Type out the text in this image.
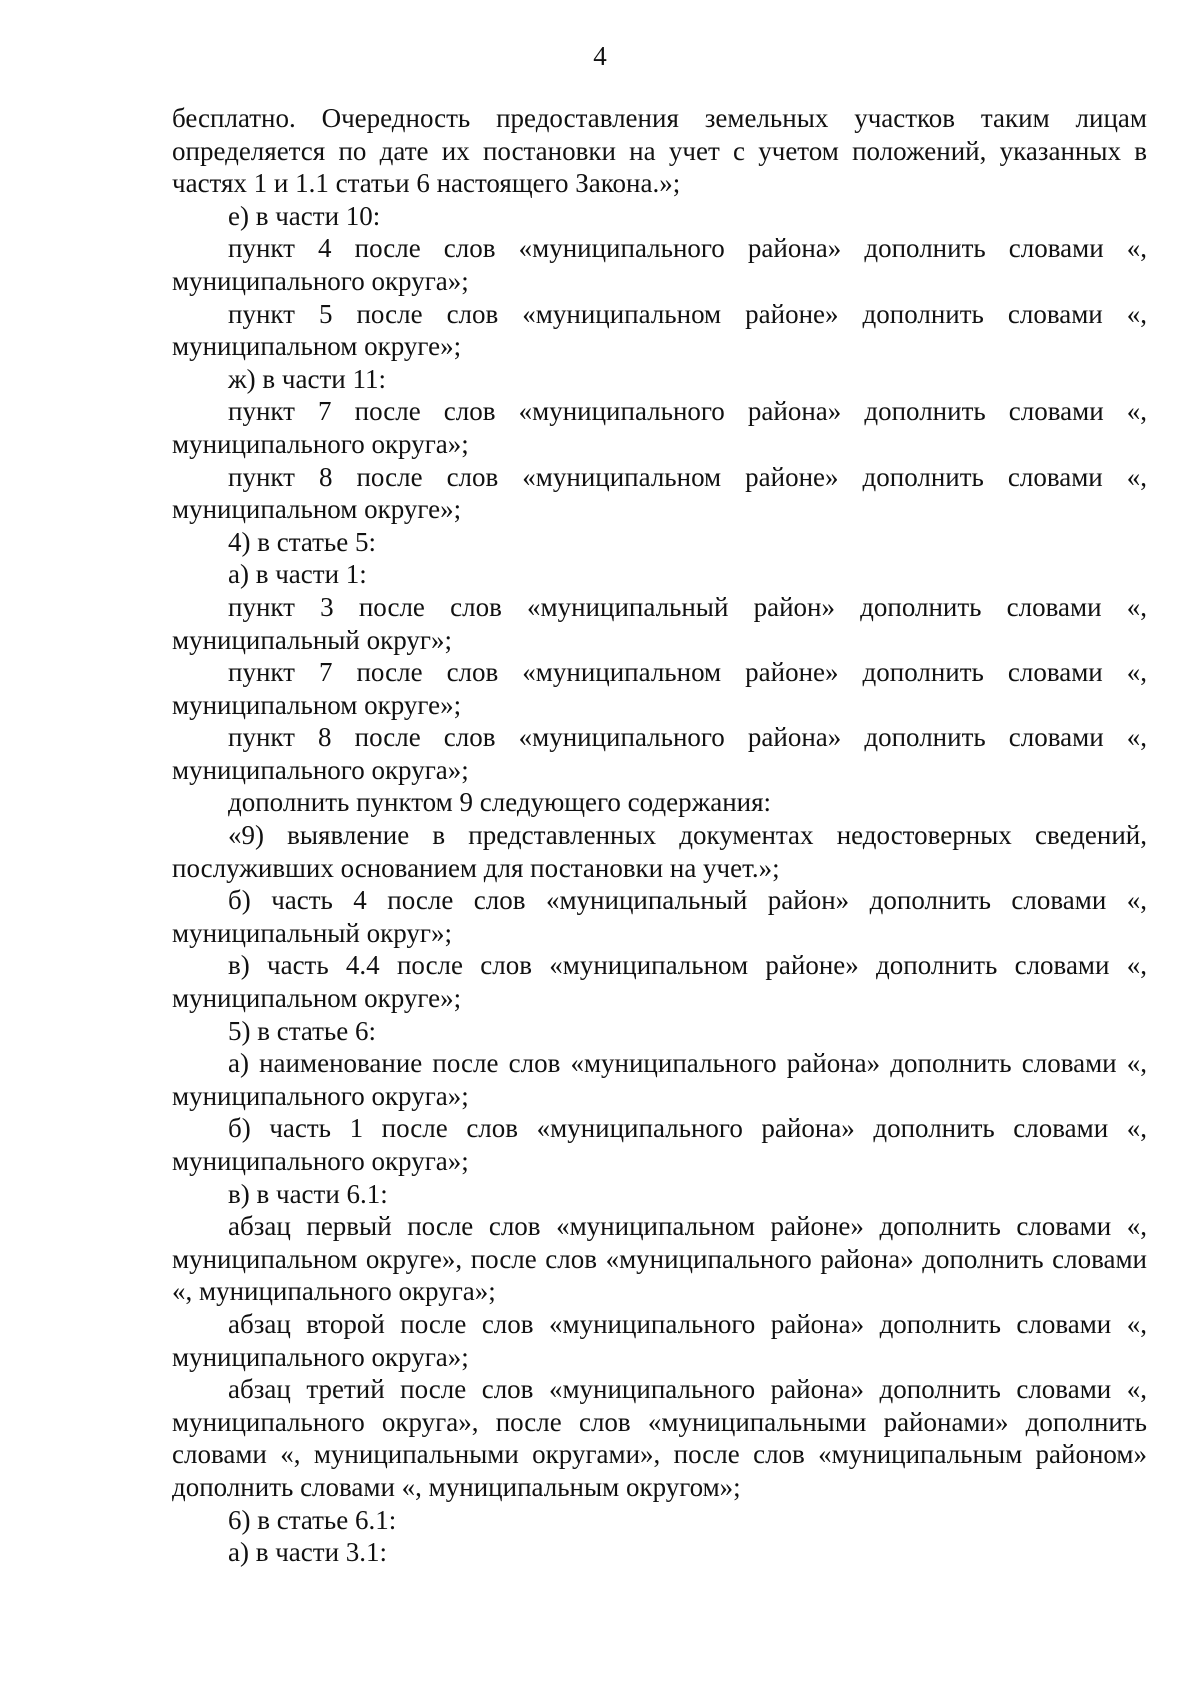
4

бесплатно. Очередность предоставления земельных участков таким лицам определяется по дате их постановки на учет с учетом положений, указанных в частях 1 и 1.1 статьи 6 настоящего Закона.»;

е) в части 10:

пункт 4 после слов «муниципального района» дополнить словами «, муниципального округа»;

пункт 5 после слов «муниципальном районе» дополнить словами «, муниципальном округе»;

ж) в части 11:

пункт 7 после слов «муниципального района» дополнить словами «, муниципального округа»;

пункт 8 после слов «муниципальном районе» дополнить словами «, муниципальном округе»;

4) в статье 5:

а) в части 1:

пункт 3 после слов «муниципальный район» дополнить словами «, муниципальный округ»;

пункт 7 после слов «муниципальном районе» дополнить словами «, муниципальном округе»;

пункт 8 после слов «муниципального района» дополнить словами «, муниципального округа»;

дополнить пунктом 9 следующего содержания:

«9) выявление в представленных документах недостоверных сведений, послуживших основанием для постановки на учет.»;

б) часть 4 после слов «муниципальный район» дополнить словами «, муниципальный округ»;

в) часть 4.4 после слов «муниципальном районе» дополнить словами «, муниципальном округе»;

5) в статье 6:

а) наименование после слов «муниципального района» дополнить словами «, муниципального округа»;

б) часть 1 после слов «муниципального района» дополнить словами «, муниципального округа»;

в) в части 6.1:

абзац первый после слов «муниципальном районе» дополнить словами «, муниципальном округе», после слов «муниципального района» дополнить словами «, муниципального округа»;

абзац второй после слов «муниципального района» дополнить словами «, муниципального округа»;

абзац третий после слов «муниципального района» дополнить словами «, муниципального округа», после слов «муниципальными районами» дополнить словами «, муниципальными округами», после слов «муниципальным районом» дополнить словами «, муниципальным округом»;

6) в статье 6.1:

а) в части 3.1:
